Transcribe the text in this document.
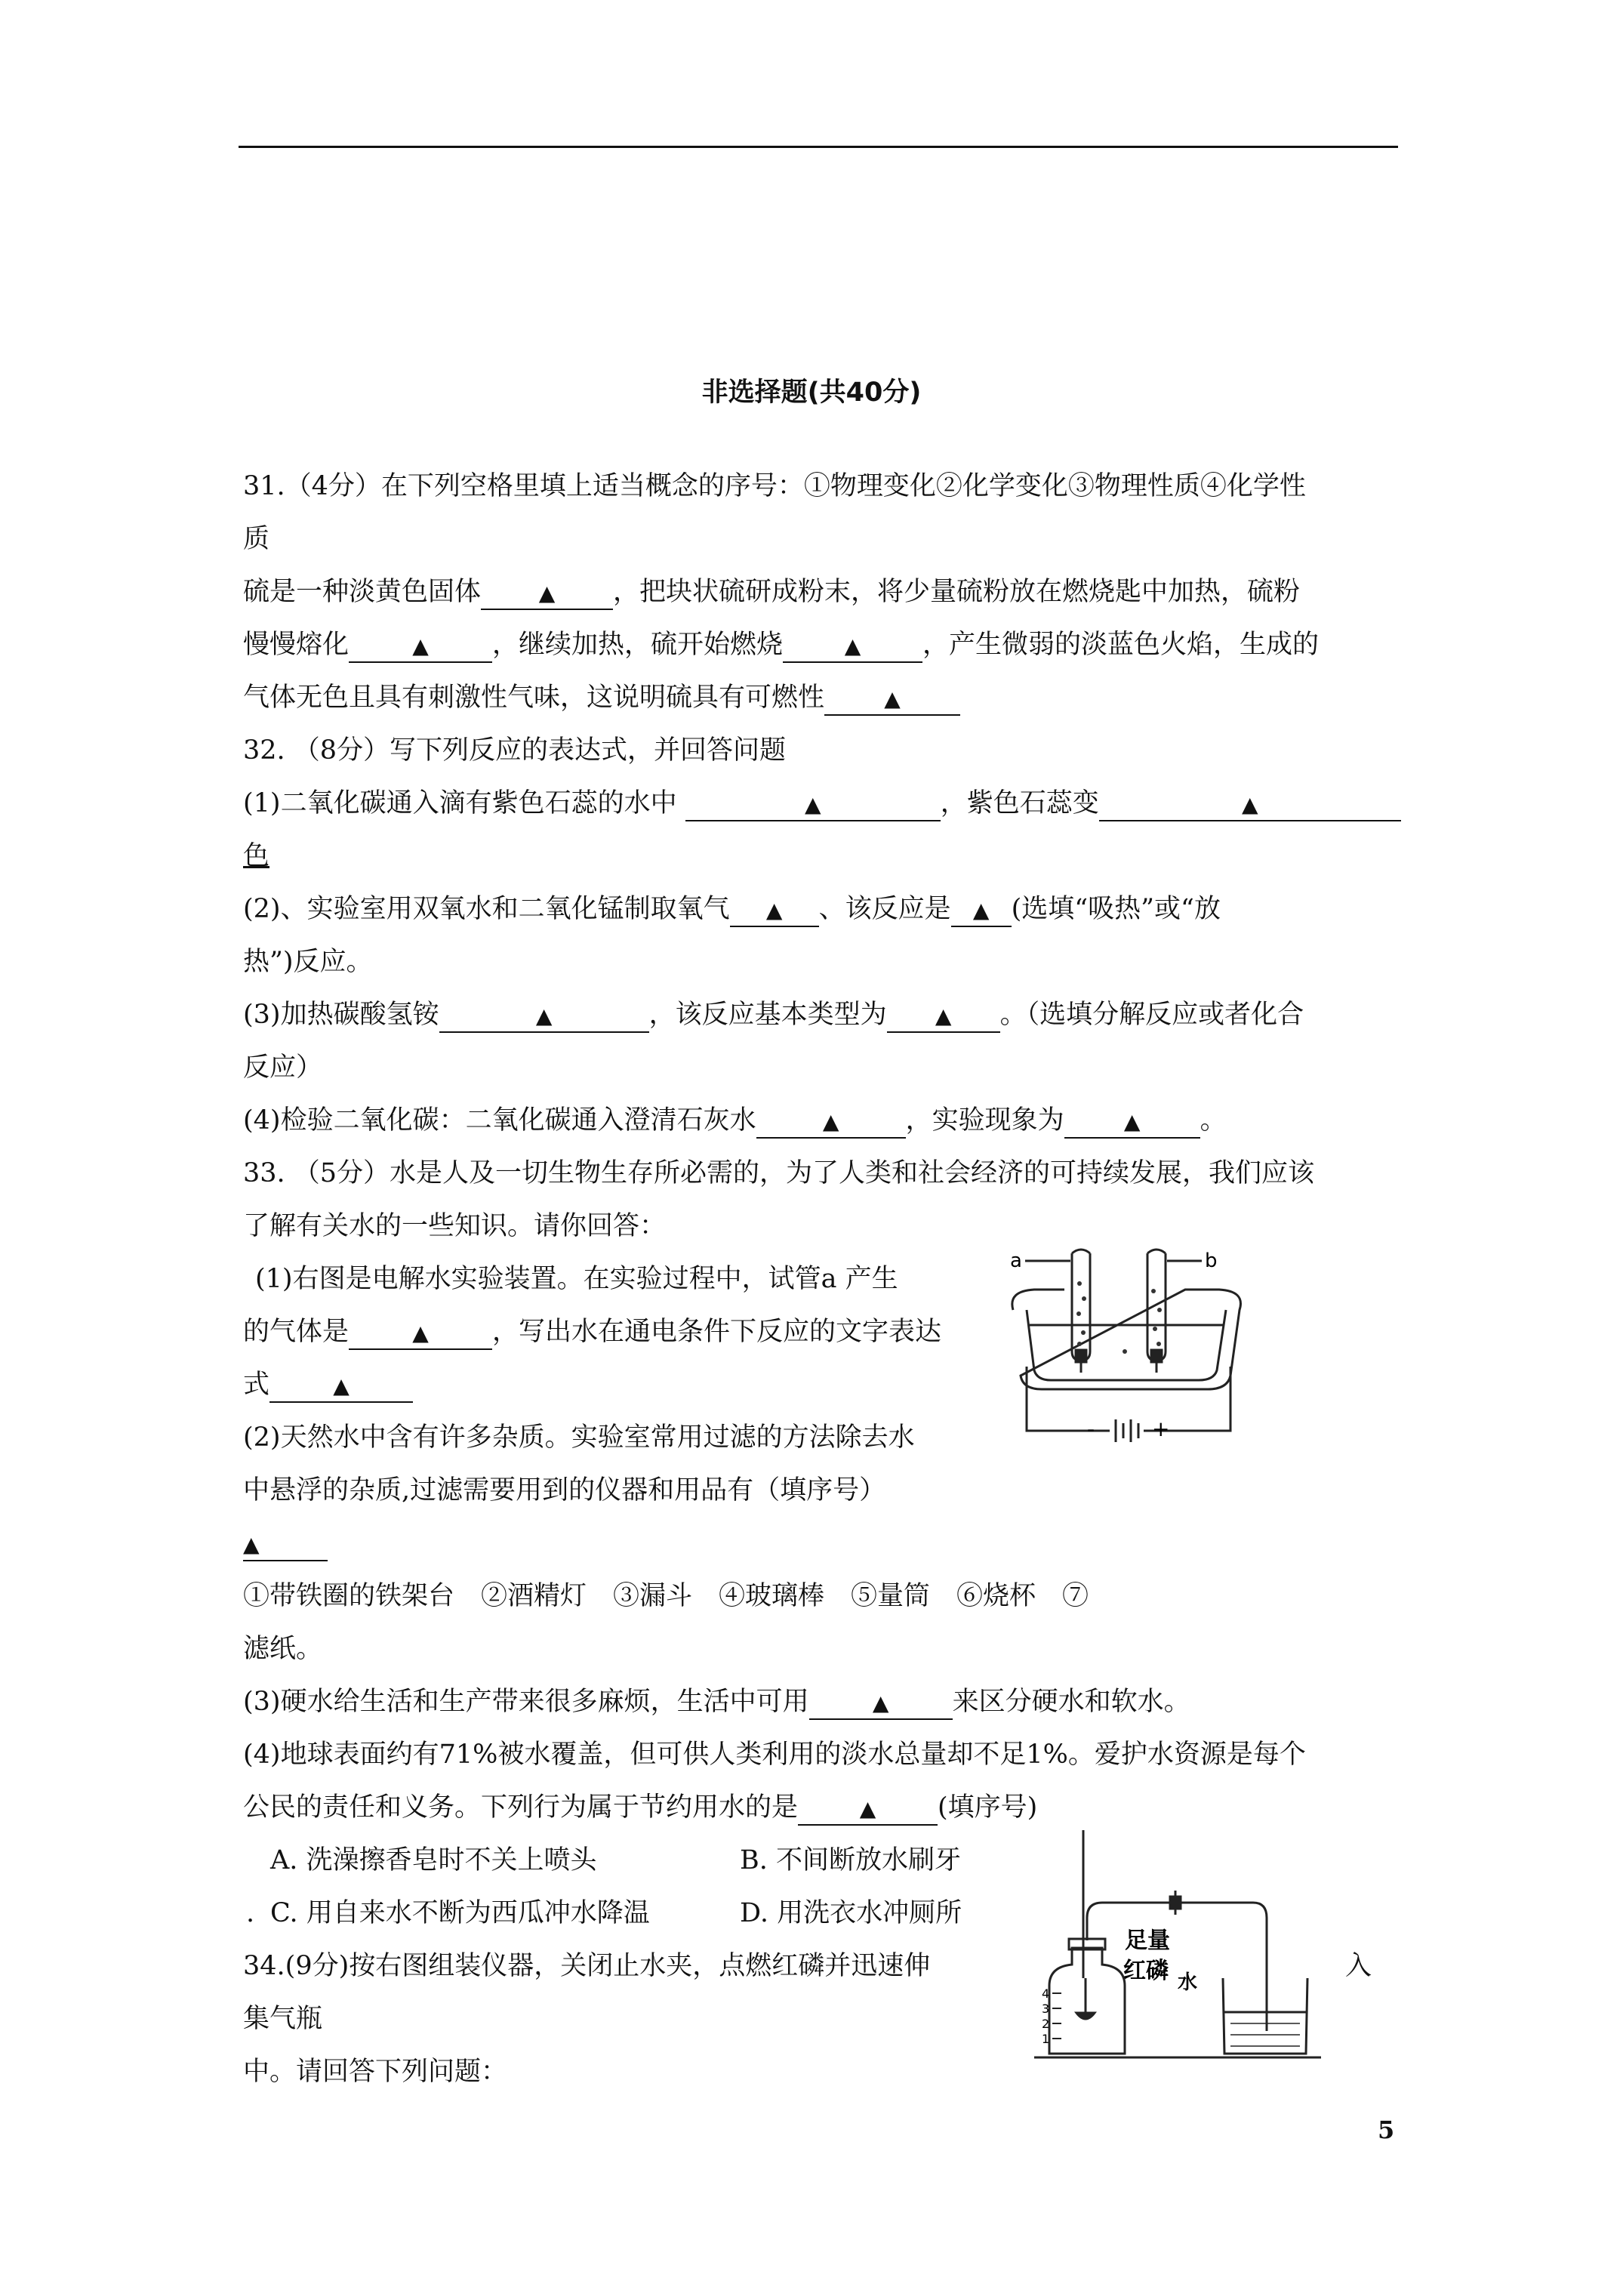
非选择题(共40分)
31.（4分）在下列空格里填上适当概念的序号：①物理变化②化学变化③物理性质④化学性
质
硫是一种淡黄色固体	▲ ，把块状硫研成粉末，将少量硫粉放在燃烧匙中加热，硫粉
慢慢熔化	▲ ，继续加热，硫开始燃烧	▲ ，产生微弱的淡蓝色火焰，生成的
气体无色且具有刺激性气味，这说明硫具有可燃性	▲
32. （8分）写下列反应的表达式，并回答问题
(1)二氧化碳通入滴有紫色石蕊的水中	▲	，紫色石蕊变	▲
色
(2)、实验室用双氧水和二氧化锰制取氧气 ▲ 、该反应是 ▲ (选填“吸热”或“放
热”)反应。
(3)加热碳酸氢铵	▲	，该反应基本类型为 ▲ 。（选填分解反应或者化合
反应）
(4)检验二氧化碳：二氧化碳通入澄清石灰水	▲	，实验现象为	▲ 。
33. （5分）水是人及一切生物生存所必需的，为了人类和社会经济的可持续发展，我们应该
了解有关水的一些知识。请你回答：
(1)右图是电解水实验装置。在实验过程中，试管a 产生
的气体是	▲ ，写出水在通电条件下反应的文字表达
式	▲
(2)天然水中含有许多杂质。实验室常用过滤的方法除去水
中悬浮的杂质,过滤需要用到的仪器和用品有（填序号）
▲
①带铁圈的铁架台　②酒精灯　③漏斗　④玻璃棒　⑤量筒　⑥烧杯　⑦
滤纸。
(3)硬水给生活和生产带来很多麻烦，生活中可用	▲ 来区分硬水和软水。
(4)地球表面约有71%被水覆盖，但可供人类利用的淡水总量却不足1%。爱护水资源是每个
公民的责任和义务。下列行为属于节约用水的是	▲ (填序号)
A. 洗澡擦香皂时不关上喷头	B. 不间断放水刷牙
. C. 用自来水不断为西瓜冲水降温	D. 用洗衣水冲厕所
34.(9分)按右图组装仪器，关闭止水夹，点燃红磷并迅速伸	入
集气瓶
中。请回答下列问题：
a	b
-	+
足量
红磷 水
4
3
2
1
5
